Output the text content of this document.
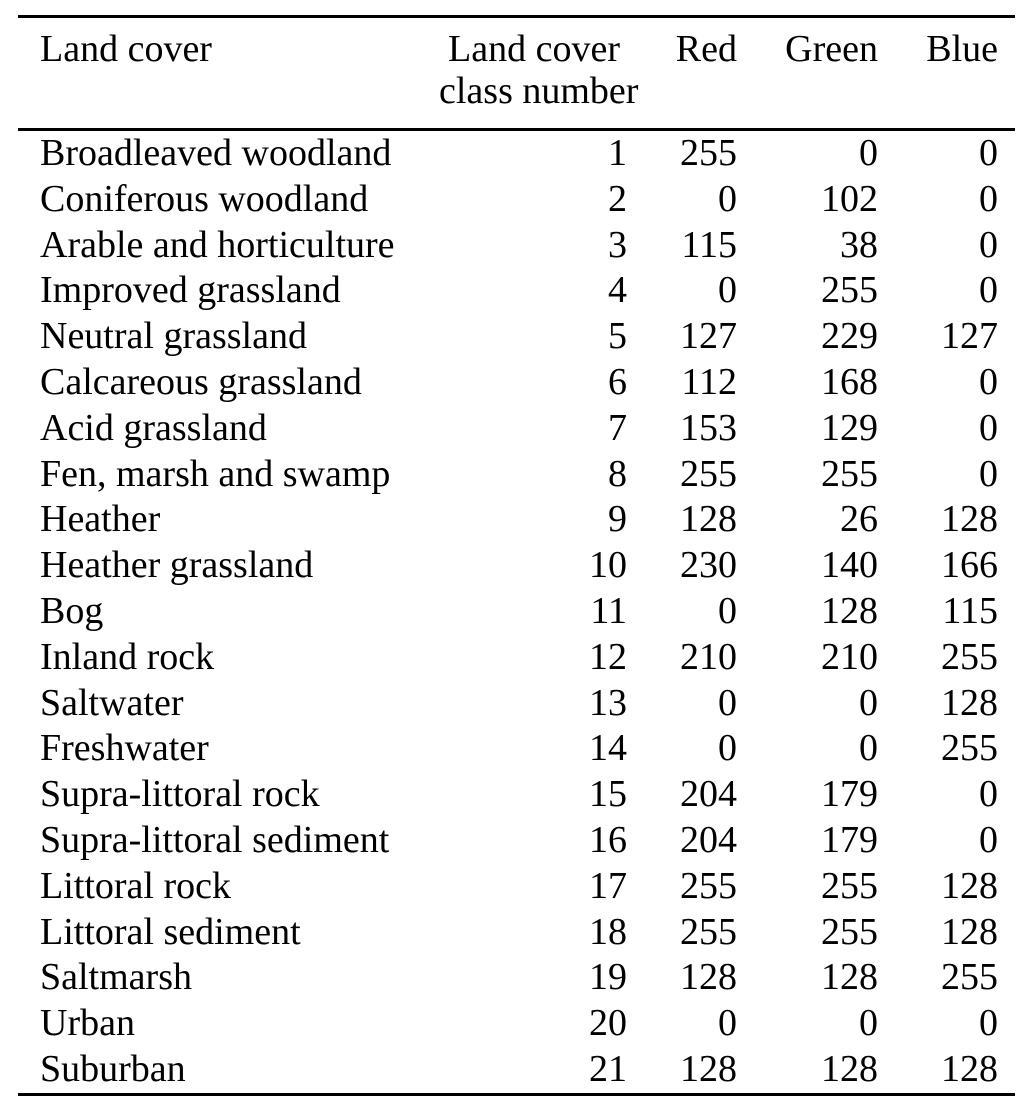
Land cover	Land cover
class number	Red	Green	Blue
Broadleaved woodland	1	255	0	0
Coniferous woodland	2	0	102	0
Arable and horticulture	3	115	38	0
Improved grassland	4	0	255	0
Neutral grassland	5	127	229	127
Calcareous grassland	6	112	168	0
Acid grassland	7	153	129	0
Fen, marsh and swamp	8	255	255	0
Heather	9	128	26	128
Heather grassland	10	230	140	166
Bog	11	0	128	115
Inland rock	12	210	210	255
Saltwater	13	0	0	128
Freshwater	14	0	0	255
Supra-littoral rock	15	204	179	0
Supra-littoral sediment	16	204	179	0
Littoral rock	17	255	255	128
Littoral sediment	18	255	255	128
Saltmarsh	19	128	128	255
Urban	20	0	0	0
Suburban	21	128	128	128
